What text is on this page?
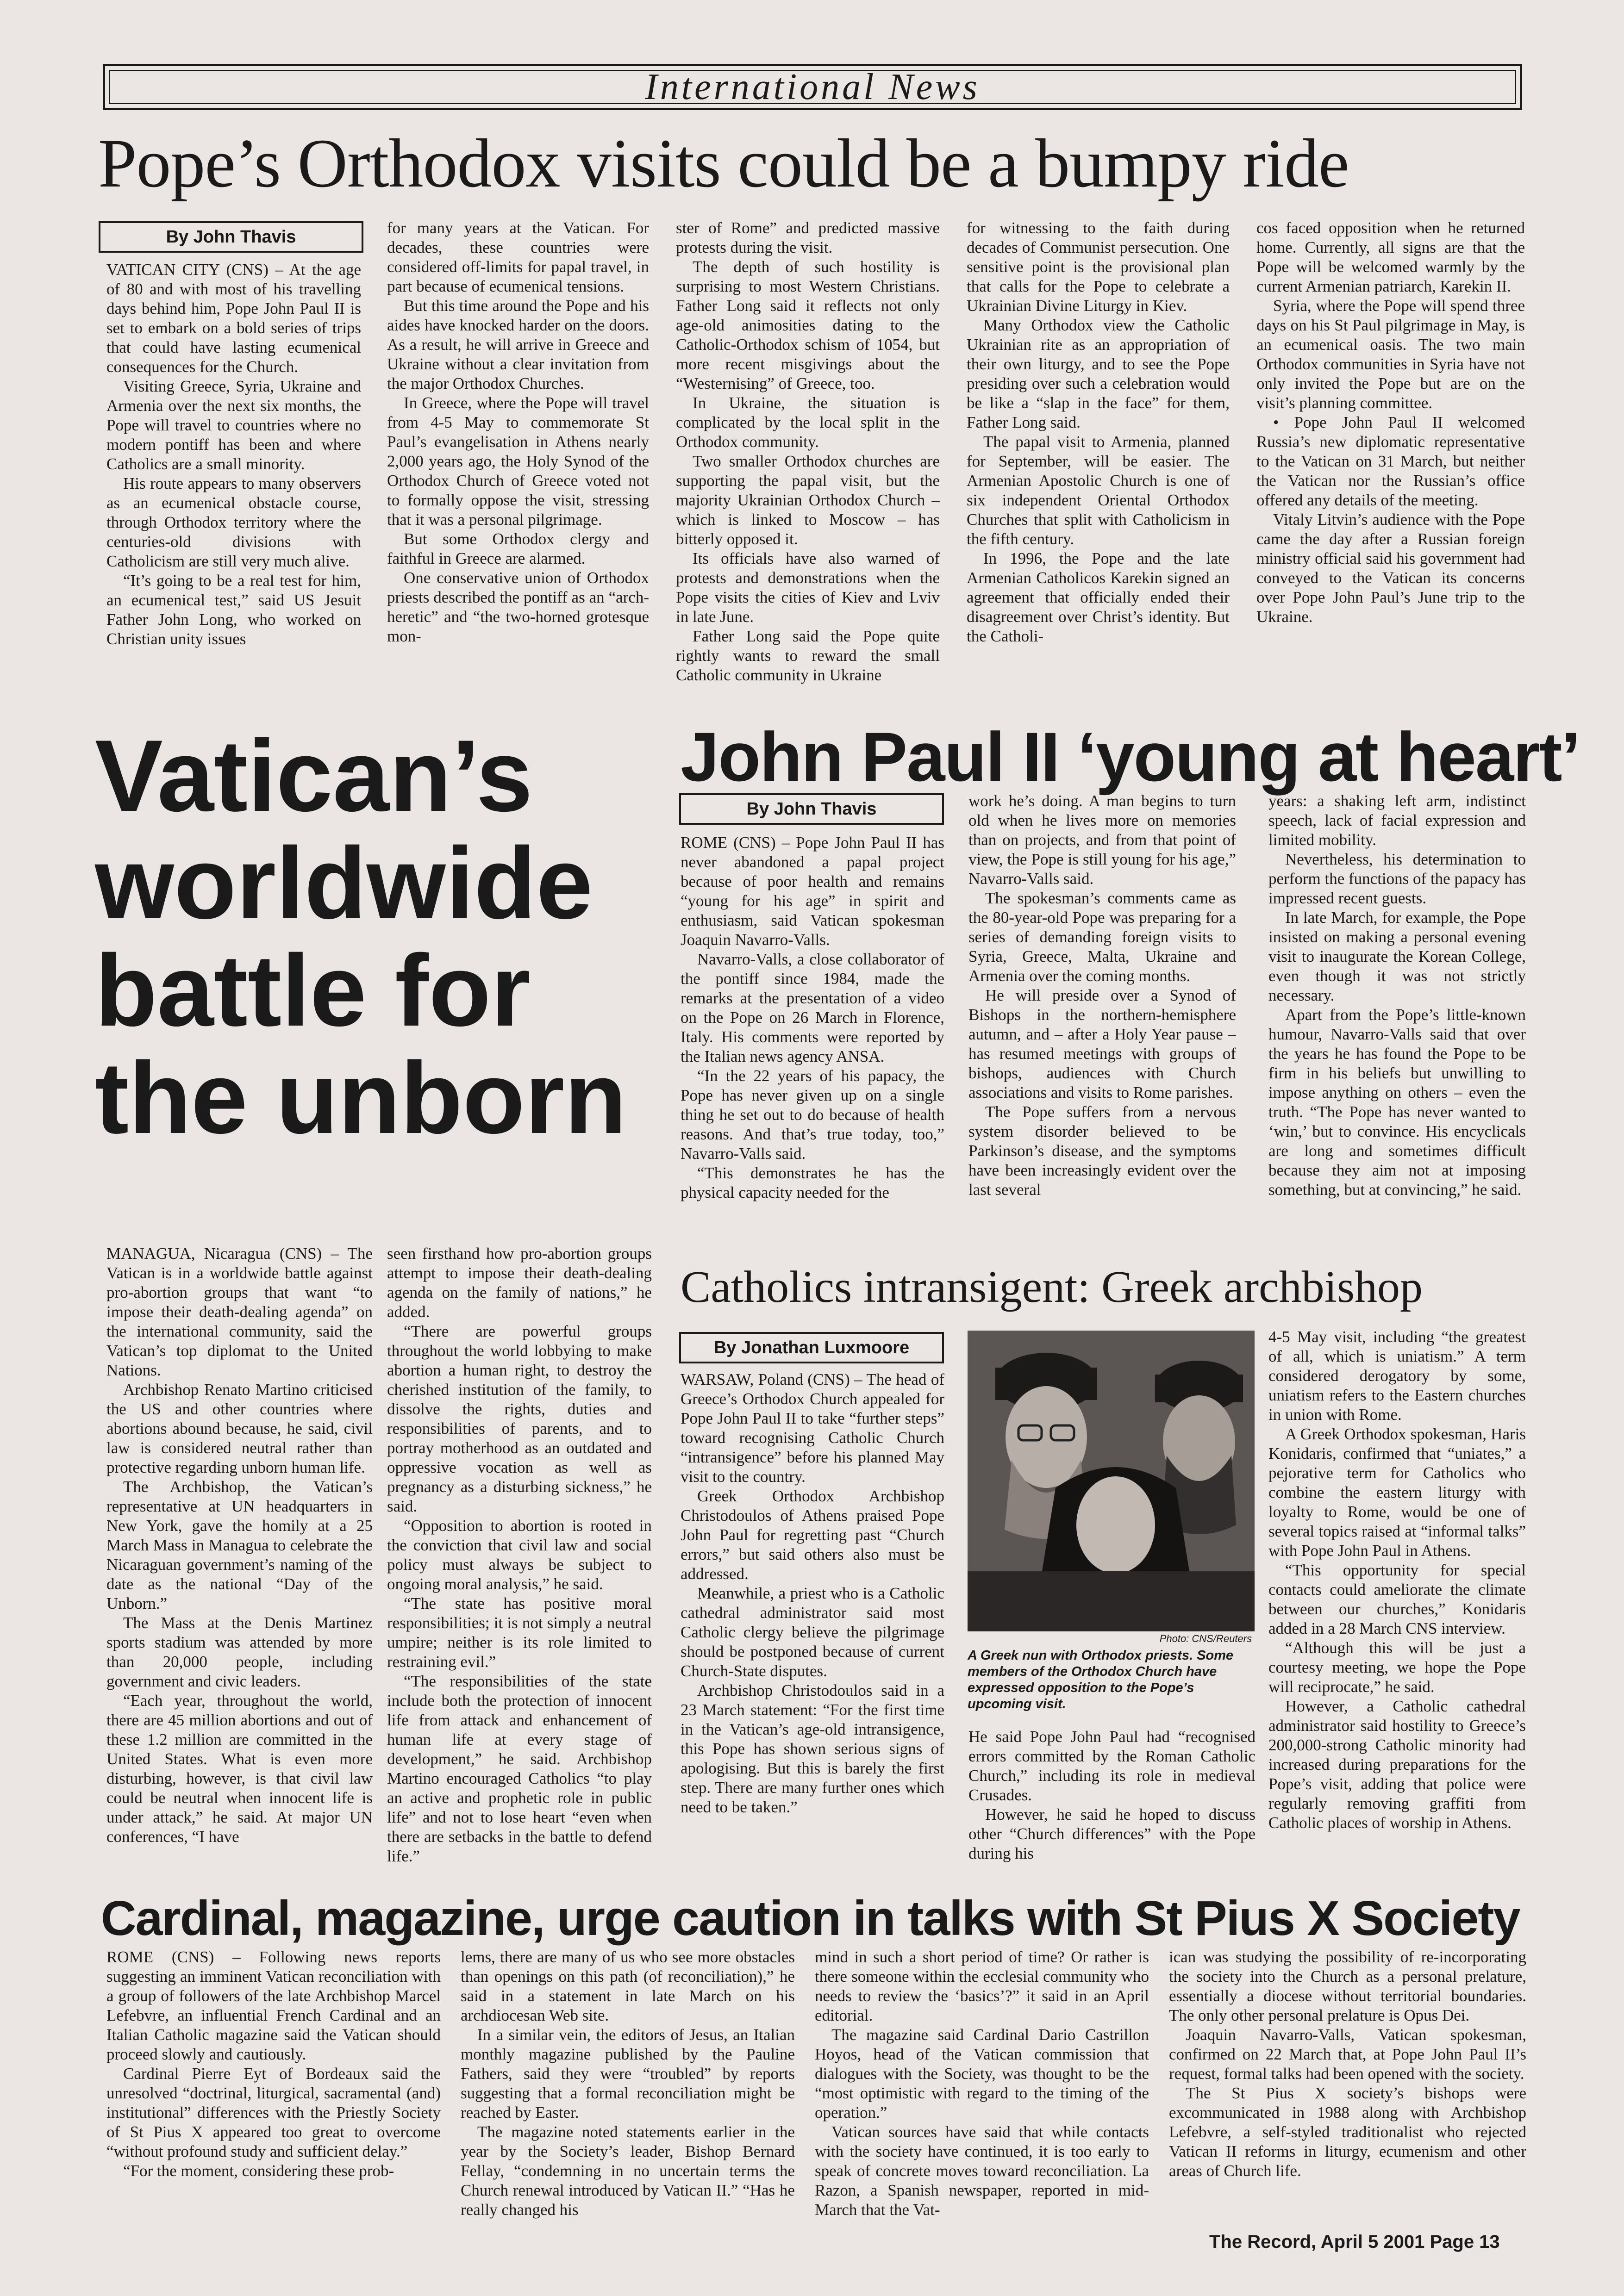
International News
Pope’s Orthodox visits could be a bumpy ride
By John Thavis

VATICAN CITY (CNS) – At the age of 80 and with most of his travelling days behind him, Pope John Paul II is set to embark on a bold series of trips that could have lasting ecumenical consequences for the Church.

Visiting Greece, Syria, Ukraine and Armenia over the next six months, the Pope will travel to countries where no modern pontiff has been and where Catholics are a small minority.

His route appears to many observers as an ecumenical obstacle course, through Orthodox territory where the centuries-old divisions with Catholicism are still very much alive.

“It’s going to be a real test for him, an ecumenical test,” said US Jesuit Father John Long, who worked on Christian unity issues

for many years at the Vatican. For decades, these countries were considered off-limits for papal travel, in part because of ecumenical tensions.

But this time around the Pope and his aides have knocked harder on the doors. As a result, he will arrive in Greece and Ukraine without a clear invitation from the major Orthodox Churches.

In Greece, where the Pope will travel from 4-5 May to commemorate St Paul’s evangelisation in Athens nearly 2,000 years ago, the Holy Synod of the Orthodox Church of Greece voted not to formally oppose the visit, stressing that it was a personal pilgrimage.

But some Orthodox clergy and faithful in Greece are alarmed.

One conservative union of Orthodox priests described the pontiff as an “arch-heretic” and “the two-horned grotesque mon-

ster of Rome” and predicted massive protests during the visit.

The depth of such hostility is surprising to most Western Christians. Father Long said it reflects not only age-old animosities dating to the Catholic-Orthodox schism of 1054, but more recent misgivings about the “Westernising” of Greece, too.

In Ukraine, the situation is complicated by the local split in the Orthodox community.

Two smaller Orthodox churches are supporting the papal visit, but the majority Ukrainian Orthodox Church – which is linked to Moscow – has bitterly opposed it.

Its officials have also warned of protests and demonstrations when the Pope visits the cities of Kiev and Lviv in late June.

Father Long said the Pope quite rightly wants to reward the small Catholic community in Ukraine

for witnessing to the faith during decades of Communist persecution. One sensitive point is the provisional plan that calls for the Pope to celebrate a Ukrainian Divine Liturgy in Kiev.

Many Orthodox view the Catholic Ukrainian rite as an appropriation of their own liturgy, and to see the Pope presiding over such a celebration would be like a “slap in the face” for them, Father Long said.

The papal visit to Armenia, planned for September, will be easier. The Armenian Apostolic Church is one of six independent Oriental Orthodox Churches that split with Catholicism in the fifth century.

In 1996, the Pope and the late Armenian Catholicos Karekin signed an agreement that officially ended their disagreement over Christ’s identity. But the Catholi-

cos faced opposition when he returned home. Currently, all signs are that the Pope will be welcomed warmly by the current Armenian patriarch, Karekin II.

Syria, where the Pope will spend three days on his St Paul pilgrimage in May, is an ecumenical oasis. The two main Orthodox communities in Syria have not only invited the Pope but are on the visit’s planning committee.

• Pope John Paul II welcomed Russia’s new diplomatic representative to the Vatican on 31 March, but neither the Vatican nor the Russian’s office offered any details of the meeting.

Vitaly Litvin’s audience with the Pope came the day after a Russian foreign ministry official said his government had conveyed to the Vatican its concerns over Pope John Paul’s June trip to the Ukraine.

Vatican’s
worldwide
battle for
the unborn

MANAGUA, Nicaragua (CNS) – The Vatican is in a worldwide battle against pro-abortion groups that want “to impose their death-dealing agenda” on the international community, said the Vatican’s top diplomat to the United Nations.

Archbishop Renato Martino criticised the US and other countries where abortions abound because, he said, civil law is considered neutral rather than protective regarding unborn human life.

The Archbishop, the Vatican’s representative at UN headquarters in New York, gave the homily at a 25 March Mass in Managua to celebrate the Nicaraguan government’s naming of the date as the national “Day of the Unborn.”

The Mass at the Denis Martinez sports stadium was attended by more than 20,000 people, including government and civic leaders.

“Each year, throughout the world, there are 45 million abortions and out of these 1.2 million are committed in the United States. What is even more disturbing, however, is that civil law could be neutral when innocent life is under attack,” he said. At major UN conferences, “I have

seen firsthand how pro-abortion groups attempt to impose their death-dealing agenda on the family of nations,” he added.

“There are powerful groups throughout the world lobbying to make abortion a human right, to destroy the cherished institution of the family, to dissolve the rights, duties and responsibilities of parents, and to portray motherhood as an outdated and oppressive vocation as well as pregnancy as a disturbing sickness,” he said.

“Opposition to abortion is rooted in the conviction that civil law and social policy must always be subject to ongoing moral analysis,” he said.

“The state has positive moral responsibilities; it is not simply a neutral umpire; neither is its role limited to restraining evil.”

“The responsibilities of the state include both the protection of innocent life from attack and enhancement of human life at every stage of development,” he said. Archbishop Martino encouraged Catholics “to play an active and prophetic role in public life” and not to lose heart “even when there are setbacks in the battle to defend life.”

John Paul II ‘young at heart’
By John Thavis

ROME (CNS) – Pope John Paul II has never abandoned a papal project because of poor health and remains “young for his age” in spirit and enthusiasm, said Vatican spokesman Joaquin Navarro-Valls.

Navarro-Valls, a close collaborator of the pontiff since 1984, made the remarks at the presentation of a video on the Pope on 26 March in Florence, Italy. His comments were reported by the Italian news agency ANSA.

“In the 22 years of his papacy, the Pope has never given up on a single thing he set out to do because of health reasons. And that’s true today, too,” Navarro-Valls said.

“This demonstrates he has the physical capacity needed for the

work he’s doing. A man begins to turn old when he lives more on memories than on projects, and from that point of view, the Pope is still young for his age,” Navarro-Valls said.

The spokesman’s comments came as the 80-year-old Pope was preparing for a series of demanding foreign visits to Syria, Greece, Malta, Ukraine and Armenia over the coming months.

He will preside over a Synod of Bishops in the northern-hemisphere autumn, and – after a Holy Year pause – has resumed meetings with groups of bishops, audiences with Church associations and visits to Rome parishes.

The Pope suffers from a nervous system disorder believed to be Parkinson’s disease, and the symptoms have been increasingly evident over the last several

years: a shaking left arm, indistinct speech, lack of facial expression and limited mobility.

Nevertheless, his determination to perform the functions of the papacy has impressed recent guests.

In late March, for example, the Pope insisted on making a personal evening visit to inaugurate the Korean College, even though it was not strictly necessary.

Apart from the Pope’s little-known humour, Navarro-Valls said that over the years he has found the Pope to be firm in his beliefs but unwilling to impose anything on others – even the truth. “The Pope has never wanted to ‘win,’ but to convince. His encyclicals are long and sometimes difficult because they aim not at imposing something, but at convincing,” he said.

Catholics intransigent: Greek archbishop
By Jonathan Luxmoore

WARSAW, Poland (CNS) – The head of Greece’s Orthodox Church appealed for Pope John Paul II to take “further steps” toward recognising Catholic Church “intransigence” before his planned May visit to the country.

Greek Orthodox Archbishop Christodoulos of Athens praised Pope John Paul for regretting past “Church errors,” but said others also must be addressed.

Meanwhile, a priest who is a Catholic cathedral administrator said most Catholic clergy believe the pilgrimage should be postponed because of current Church-State disputes.

Archbishop Christodoulos said in a 23 March statement: “For the first time in the Vatican’s age-old intransigence, this Pope has shown serious signs of apologising. But this is barely the first step. There are many further ones which need to be taken.”

Photo: CNS/Reuters
A Greek nun with Orthodox priests. Some members of the Orthodox Church have expressed opposition to the Pope’s upcoming visit.

He said Pope John Paul had “recognised errors committed by the Roman Catholic Church,” including its role in medieval Crusades.

However, he said he hoped to discuss other “Church differences” with the Pope during his

4-5 May visit, including “the greatest of all, which is uniatism.” A term considered derogatory by some, uniatism refers to the Eastern churches in union with Rome.

A Greek Orthodox spokesman, Haris Konidaris, confirmed that “uniates,” a pejorative term for Catholics who combine the eastern liturgy with loyalty to Rome, would be one of several topics raised at “informal talks” with Pope John Paul in Athens.

“This opportunity for special contacts could ameliorate the climate between our churches,” Konidaris added in a 28 March CNS interview.

“Although this will be just a courtesy meeting, we hope the Pope will reciprocate,” he said.

However, a Catholic cathedral administrator said hostility to Greece’s 200,000-strong Catholic minority had increased during preparations for the Pope’s visit, adding that police were regularly removing graffiti from Catholic places of worship in Athens.

Cardinal, magazine, urge caution in talks with St Pius X Society

ROME (CNS) – Following news reports suggesting an imminent Vatican reconciliation with a group of followers of the late Archbishop Marcel Lefebvre, an influential French Cardinal and an Italian Catholic magazine said the Vatican should proceed slowly and cautiously.

Cardinal Pierre Eyt of Bordeaux said the unresolved “doctrinal, liturgical, sacramental (and) institutional” differences with the Priestly Society of St Pius X appeared too great to overcome “without profound study and sufficient delay.”

“For the moment, considering these prob-

lems, there are many of us who see more obstacles than openings on this path (of reconciliation),” he said in a statement in late March on his archdiocesan Web site.

In a similar vein, the editors of Jesus, an Italian monthly magazine published by the Pauline Fathers, said they were “troubled” by reports suggesting that a formal reconciliation might be reached by Easter.

The magazine noted statements earlier in the year by the Society’s leader, Bishop Bernard Fellay, “condemning in no uncertain terms the Church renewal introduced by Vatican II.” “Has he really changed his

mind in such a short period of time? Or rather is there someone within the ecclesial community who needs to review the ‘basics’?” it said in an April editorial.

The magazine said Cardinal Dario Castrillon Hoyos, head of the Vatican commission that dialogues with the Society, was thought to be the “most optimistic with regard to the timing of the operation.”

Vatican sources have said that while contacts with the society have continued, it is too early to speak of concrete moves toward reconciliation. La Razon, a Spanish newspaper, reported in mid-March that the Vat-

ican was studying the possibility of re-incorporating the society into the Church as a personal prelature, essentially a diocese without territorial boundaries. The only other personal prelature is Opus Dei.

Joaquin Navarro-Valls, Vatican spokesman, confirmed on 22 March that, at Pope John Paul II’s request, formal talks had been opened with the society.

The St Pius X society’s bishops were excommunicated in 1988 along with Archbishop Lefebvre, a self-styled traditionalist who rejected Vatican II reforms in liturgy, ecumenism and other areas of Church life.

The Record, April 5 2001 Page 13
